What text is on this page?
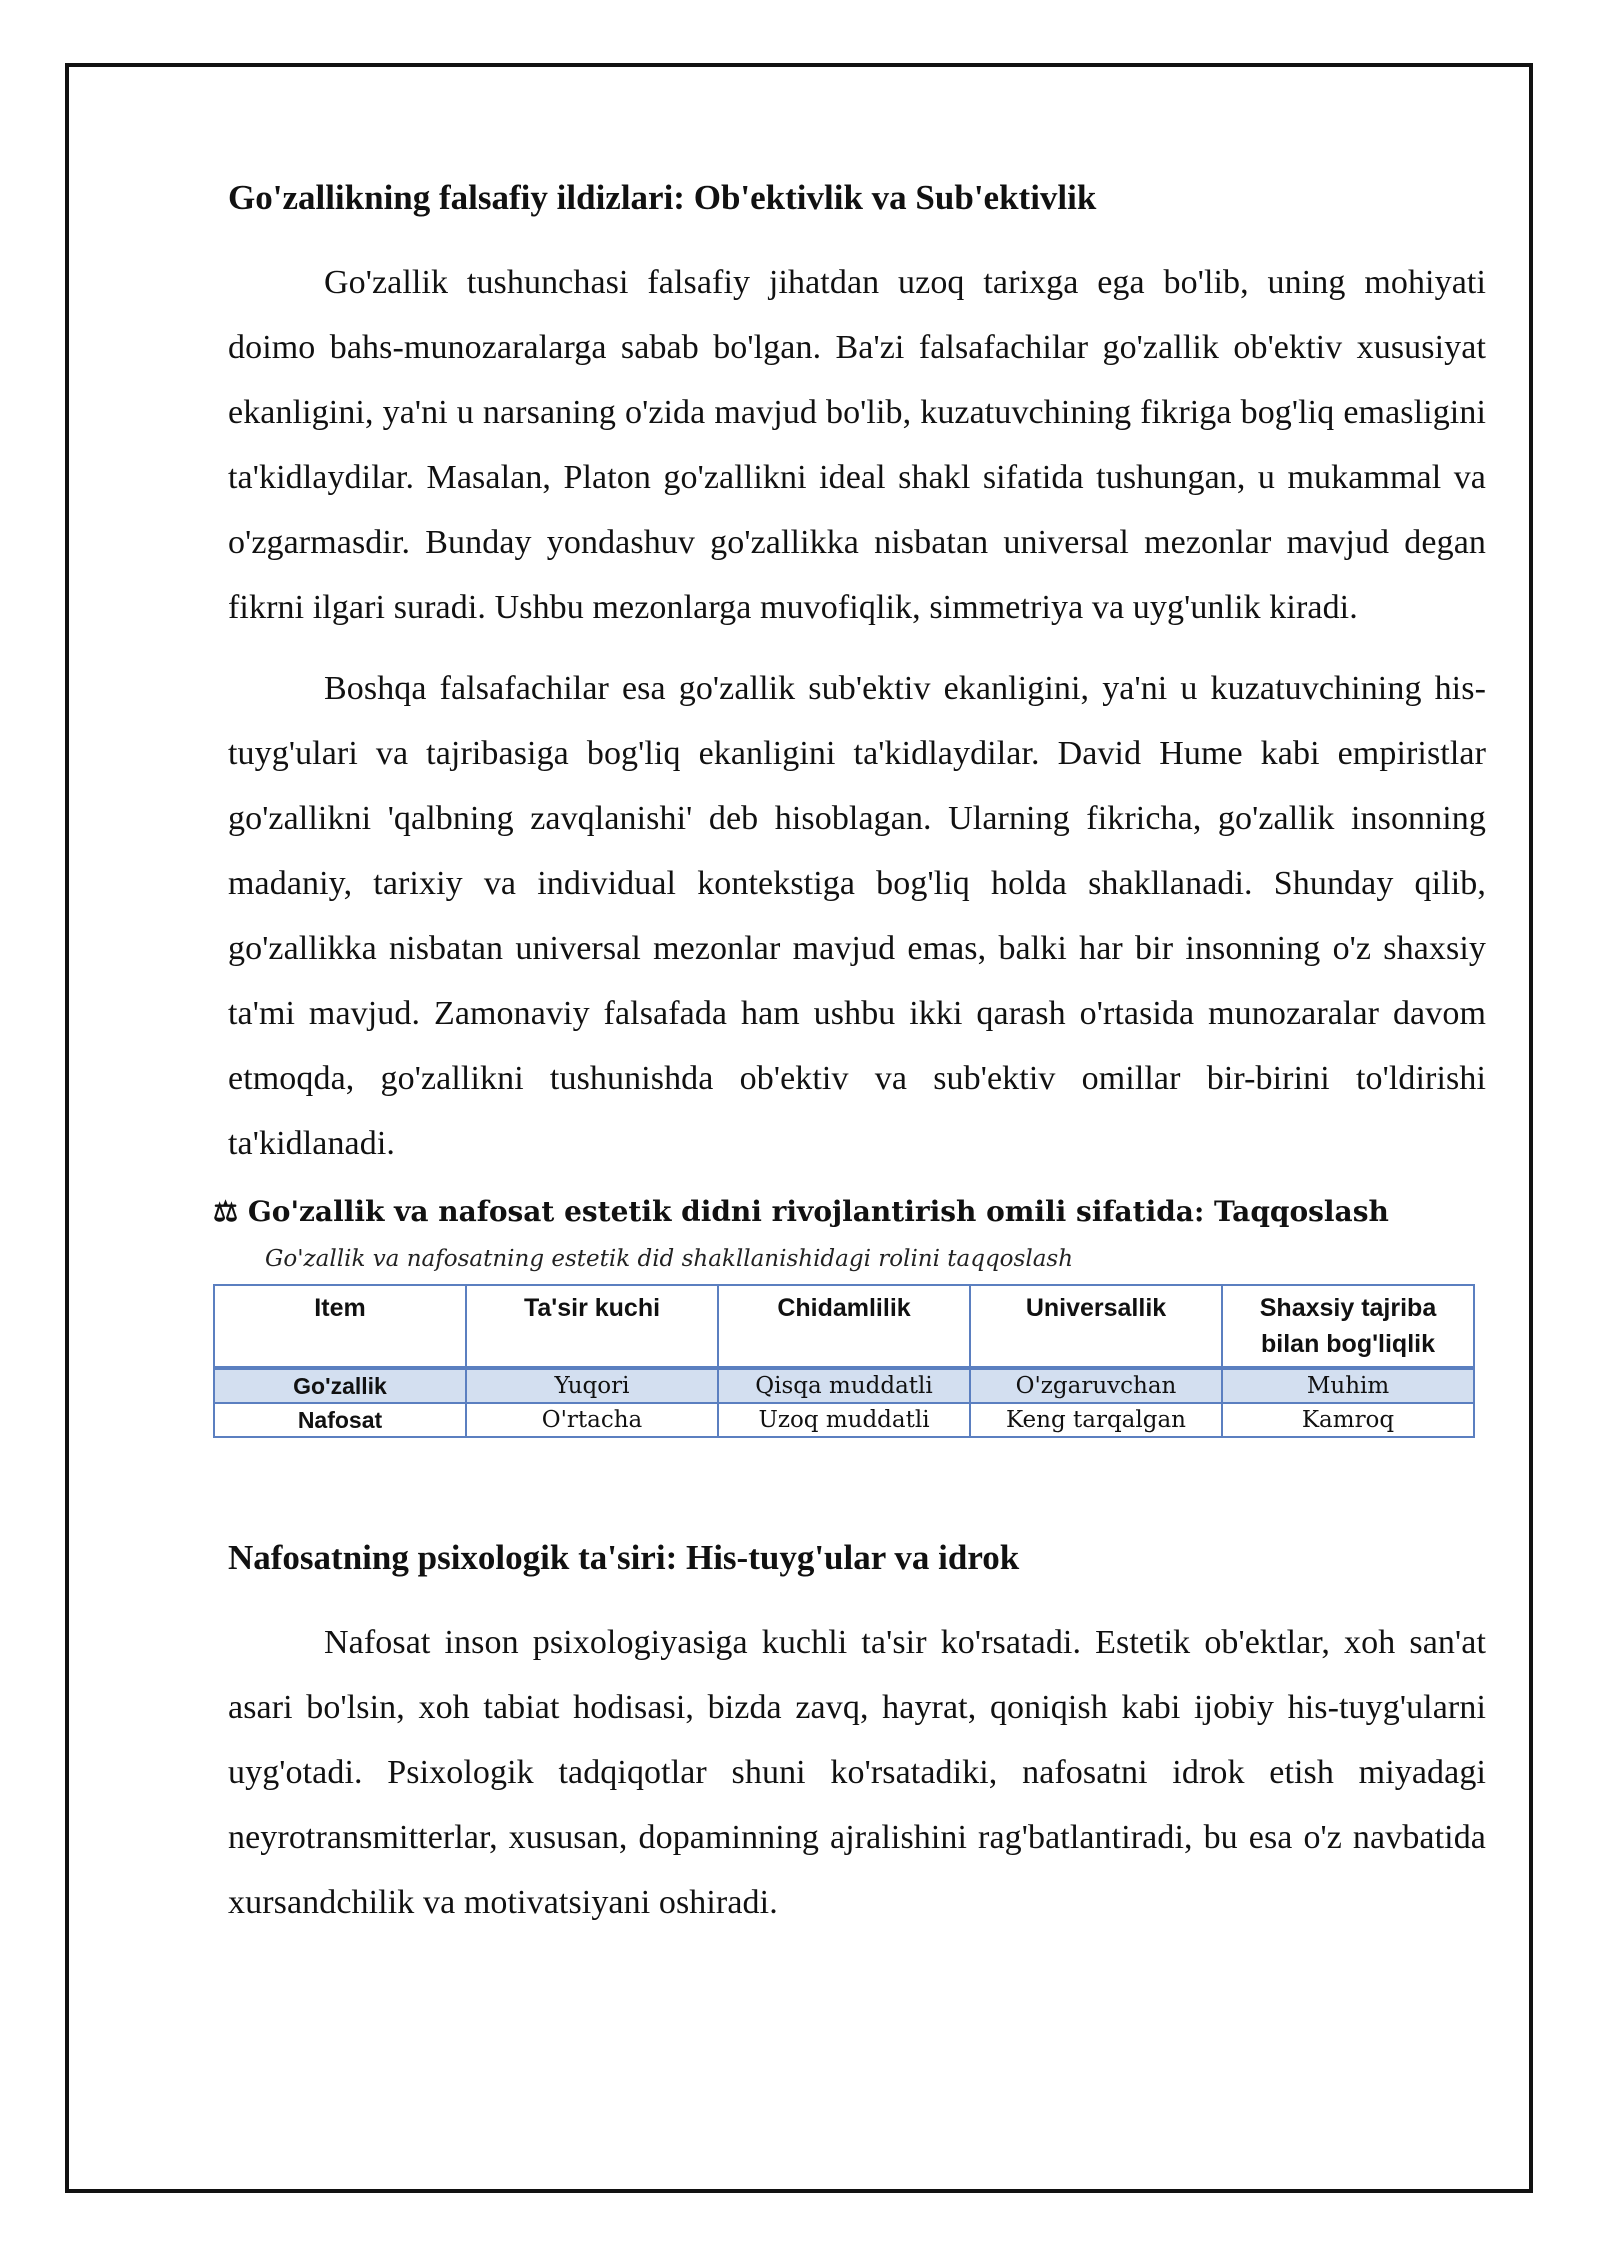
Go'zallikning falsafiy ildizlari: Ob'ektivlik va Sub'ektivlik

Go'zallik tushunchasi falsafiy jihatdan uzoq tarixga ega bo'lib, uning mohiyati doimo bahs-munozaralarga sabab bo'lgan. Ba'zi falsafachilar go'zallik ob'ektiv xususiyat ekanligini, ya'ni u narsaning o'zida mavjud bo'lib, kuzatuvchining fikriga bog'liq emasligini ta'kidlaydilar. Masalan, Platon go'zallikni ideal shakl sifatida tushungan, u mukammal va o'zgarmasdir. Bunday yondashuv go'zallikka nisbatan universal mezonlar mavjud degan fikrni ilgari suradi. Ushbu mezonlarga muvofiqlik, simmetriya va uyg'unlik kiradi.

Boshqa falsafachilar esa go'zallik sub'ektiv ekanligini, ya'ni u kuzatuvchining his-tuyg'ulari va tajribasiga bog'liq ekanligini ta'kidlaydilar. David Hume kabi empiristlar go'zallikni 'qalbning zavqlanishi' deb hisoblagan. Ularning fikricha, go'zallik insonning madaniy, tarixiy va individual kontekstiga bog'liq holda shakllanadi. Shunday qilib, go'zallikka nisbatan universal mezonlar mavjud emas, balki har bir insonning o'z shaxsiy ta'mi mavjud. Zamonaviy falsafada ham ushbu ikki qarash o'rtasida munozaralar davom etmoqda, go'zallikni tushunishda ob'ektiv va sub'ektiv omillar bir-birini to'ldirishi ta'kidlanadi.

⚖ Go'zallik va nafosat estetik didni rivojlantirish omili sifatida: Taqqoslash
Go'zallik va nafosatning estetik did shakllanishidagi rolini taqqoslash
Item	Ta'sir kuchi	Chidamlilik	Universallik	Shaxsiy tajriba bilan bog'liqlik
Go'zallik	Yuqori	Qisqa muddatli	O'zgaruvchan	Muhim
Nafosat	O'rtacha	Uzoq muddatli	Keng tarqalgan	Kamroq
Nafosatning psixologik ta'siri: His-tuyg'ular va idrok

Nafosat inson psixologiyasiga kuchli ta'sir ko'rsatadi. Estetik ob'ektlar, xoh san'at asari bo'lsin, xoh tabiat hodisasi, bizda zavq, hayrat, qoniqish kabi ijobiy his-tuyg'ularni uyg'otadi. Psixologik tadqiqotlar shuni ko'rsatadiki, nafosatni idrok etish miyadagi neyrotransmitterlar, xususan, dopaminning ajralishini rag'batlantiradi, bu esa o'z navbatida xursandchilik va motivatsiyani oshiradi.
